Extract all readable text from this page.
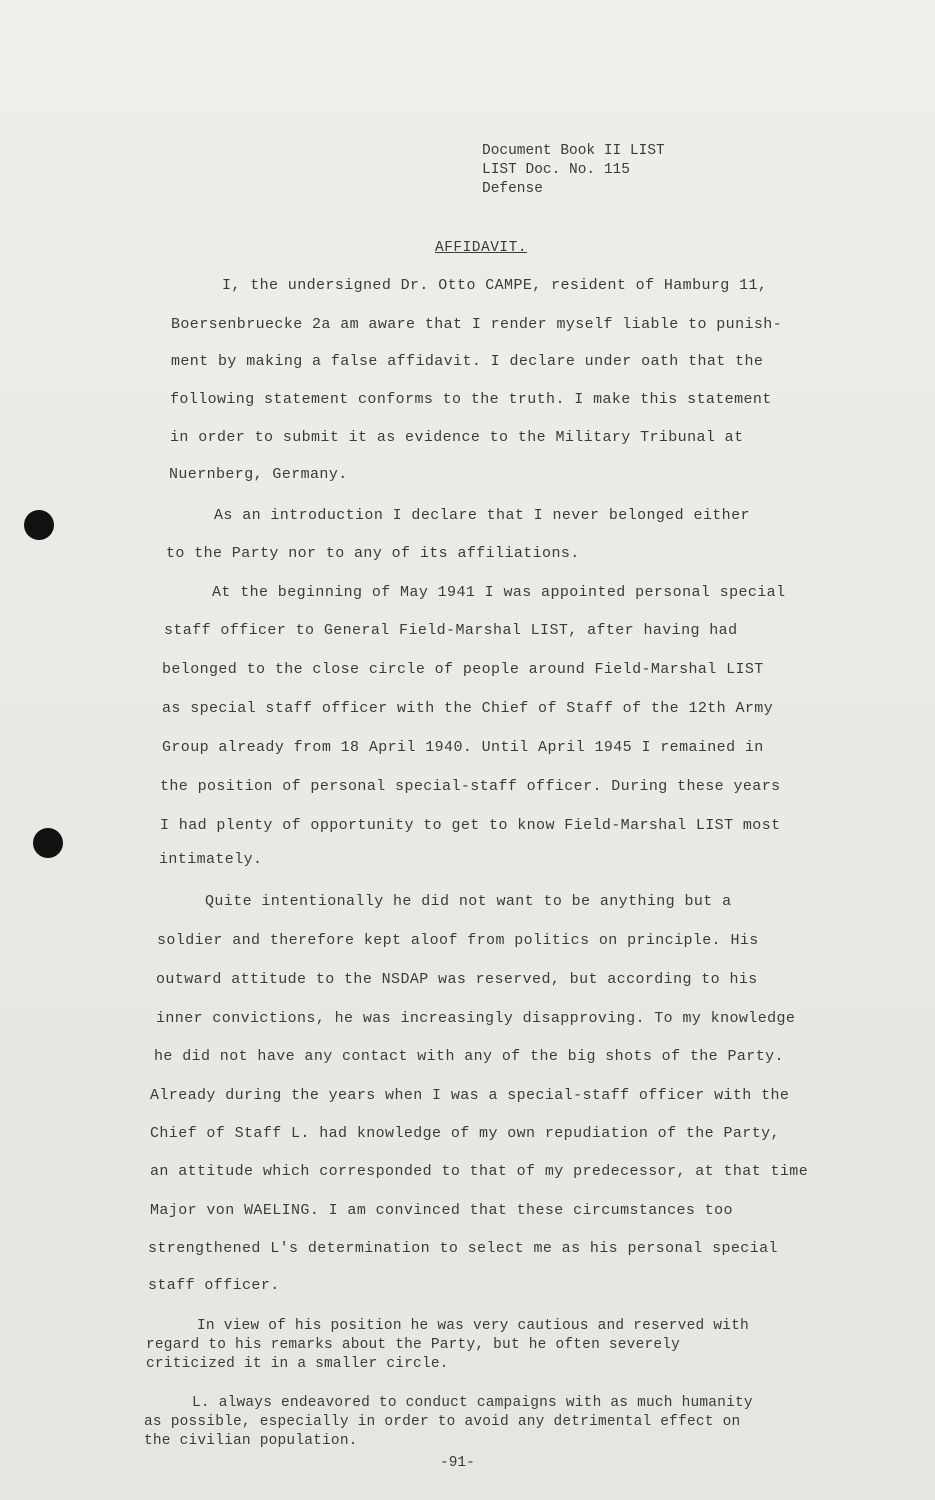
Document Book II LIST
LIST Doc. No. 115
Defense
AFFIDAVIT.
I, the undersigned Dr. Otto CAMPE, resident of Hamburg 11,
Boersenbruecke 2a am aware that I render myself liable to punish-
ment by making a false affidavit. I declare under oath that the
following statement conforms to the truth. I make this statement
in order to submit it as evidence to the Military Tribunal at
Nuernberg, Germany.
As an introduction I declare that I never belonged either
to the Party nor to any of its affiliations.
At the beginning of May 1941 I was appointed personal special
staff officer to General Field-Marshal LIST, after having had
belonged to the close circle of people around Field-Marshal LIST
as special staff officer with the Chief of Staff of the 12th Army
Group already from 18 April 1940. Until April 1945 I remained in
the position of personal special-staff officer. During these years
I had plenty of opportunity to get to know Field-Marshal LIST most
intimately.
Quite intentionally he did not want to be anything but a
soldier and therefore kept aloof from politics on principle. His
outward attitude to the NSDAP was reserved, but according to his
inner convictions, he was increasingly disapproving. To my knowledge
he did not have any contact with any of the big shots of the Party.
Already during the years when I was a special-staff officer with the
Chief of Staff L. had knowledge of my own repudiation of the Party,
an attitude which corresponded to that of my predecessor, at that time
Major von WAELING. I am convinced that these circumstances too
strengthened L's determination to select me as his personal special
staff officer.
In view of his position he was very cautious and reserved with
regard to his remarks about the Party, but he often severely
criticized it in a smaller circle.
L. always endeavored to conduct campaigns with as much humanity
as possible, especially in order to avoid any detrimental effect on
the civilian population.
-91-
